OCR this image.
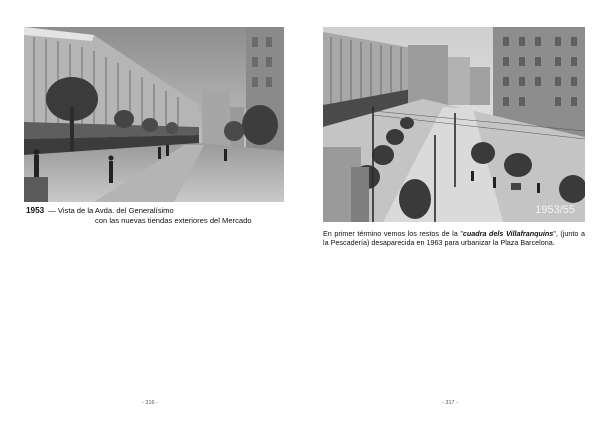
1953 — Vista de la Avda. del Generalísimo
con las nuevas tiendas exteriores del Mercado
- 316 -
1953/55
En primer término vemos los restos de la "cuadra dels Villafranquins", (junto a la Pescadería) desaparecida en 1963 para urbanizar la Plaza Barcelona.
- 317 -
